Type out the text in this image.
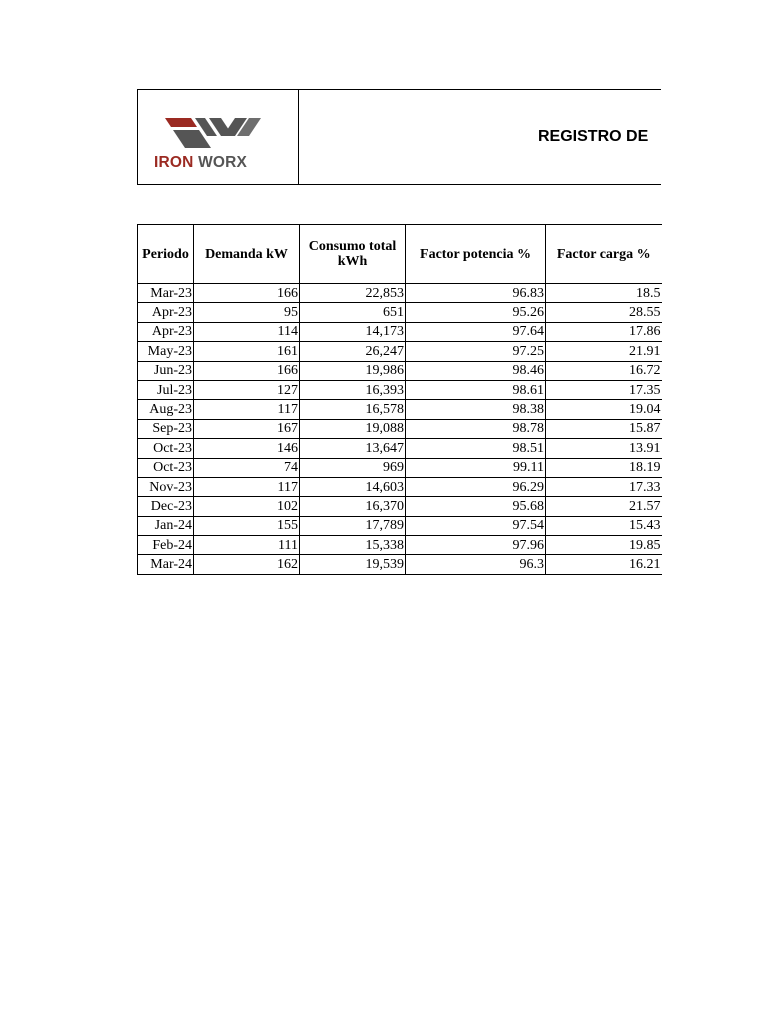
IRON WORX
REGISTRO DE
Periodo	Demanda kW	Consumo total kWh	Factor potencia %	Factor carga %
Mar-23	166	22,853	96.83	18.5
Apr-23	95	651	95.26	28.55
Apr-23	114	14,173	97.64	17.86
May-23	161	26,247	97.25	21.91
Jun-23	166	19,986	98.46	16.72
Jul-23	127	16,393	98.61	17.35
Aug-23	117	16,578	98.38	19.04
Sep-23	167	19,088	98.78	15.87
Oct-23	146	13,647	98.51	13.91
Oct-23	74	969	99.11	18.19
Nov-23	117	14,603	96.29	17.33
Dec-23	102	16,370	95.68	21.57
Jan-24	155	17,789	97.54	15.43
Feb-24	111	15,338	97.96	19.85
Mar-24	162	19,539	96.3	16.21
